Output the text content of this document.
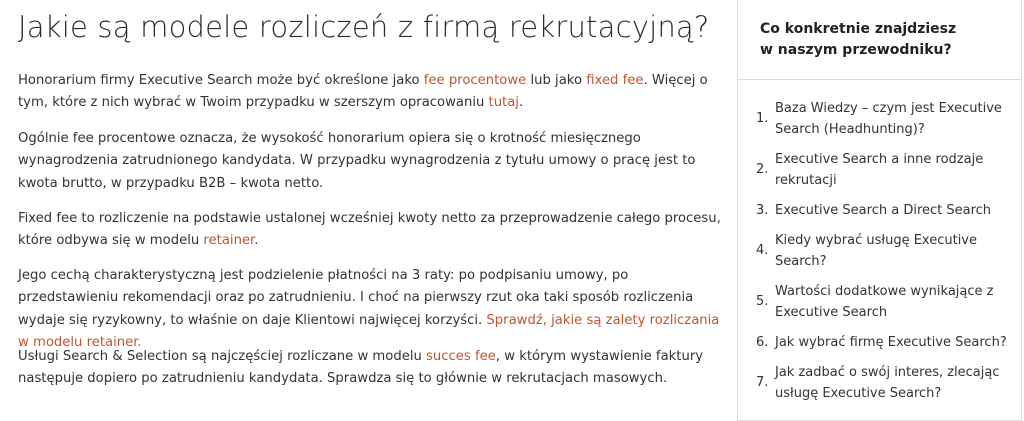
Jakie są modele rozliczeń z firmą rekrutacyjną?

Honorarium firmy Executive Search może być określone jako fee procentowe lub jako fixed fee. Więcej o tym, które z nich wybrać w Twoim przypadku w szerszym opracowaniu tutaj.

Ogólnie fee procentowe oznacza, że wysokość honorarium opiera się o krotność miesięcznego wynagrodzenia zatrudnionego kandydata. W przypadku wynagrodzenia z tytułu umowy o pracę jest to kwota brutto, w przypadku B2B – kwota netto.

Fixed fee to rozliczenie na podstawie ustalonej wcześniej kwoty netto za przeprowadzenie całego procesu, które odbywa się w modelu retainer.

Jego cechą charakterystyczną jest podzielenie płatności na 3 raty: po podpisaniu umowy, po przedstawieniu rekomendacji oraz po zatrudnieniu. I choć na pierwszy rzut oka taki sposób rozliczenia wydaje się ryzykowny, to właśnie on daje Klientowi najwięcej korzyści. Sprawdź, jakie są zalety rozliczania w modelu retainer.

Usługi Search & Selection są najczęściej rozliczane w modelu succes fee, w którym wystawienie faktury następuje dopiero po zatrudnieniu kandydata. Sprawdza się to głównie w rekrutacjach masowych.

Co konkretnie znajdziesz
w naszym przewodniku?
1.
Baza Wiedzy – czym jest Executive Search (Headhunting)?
2.
Executive Search a inne rodzaje rekrutacji
3. Executive Search a Direct Search
4.
Kiedy wybrać usługę Executive Search?
5.
Wartości dodatkowe wynikające z Executive Search
6. Jak wybrać firmę Executive Search?
7.
Jak zadbać o swój interes, zlecając usługę Executive Search?
